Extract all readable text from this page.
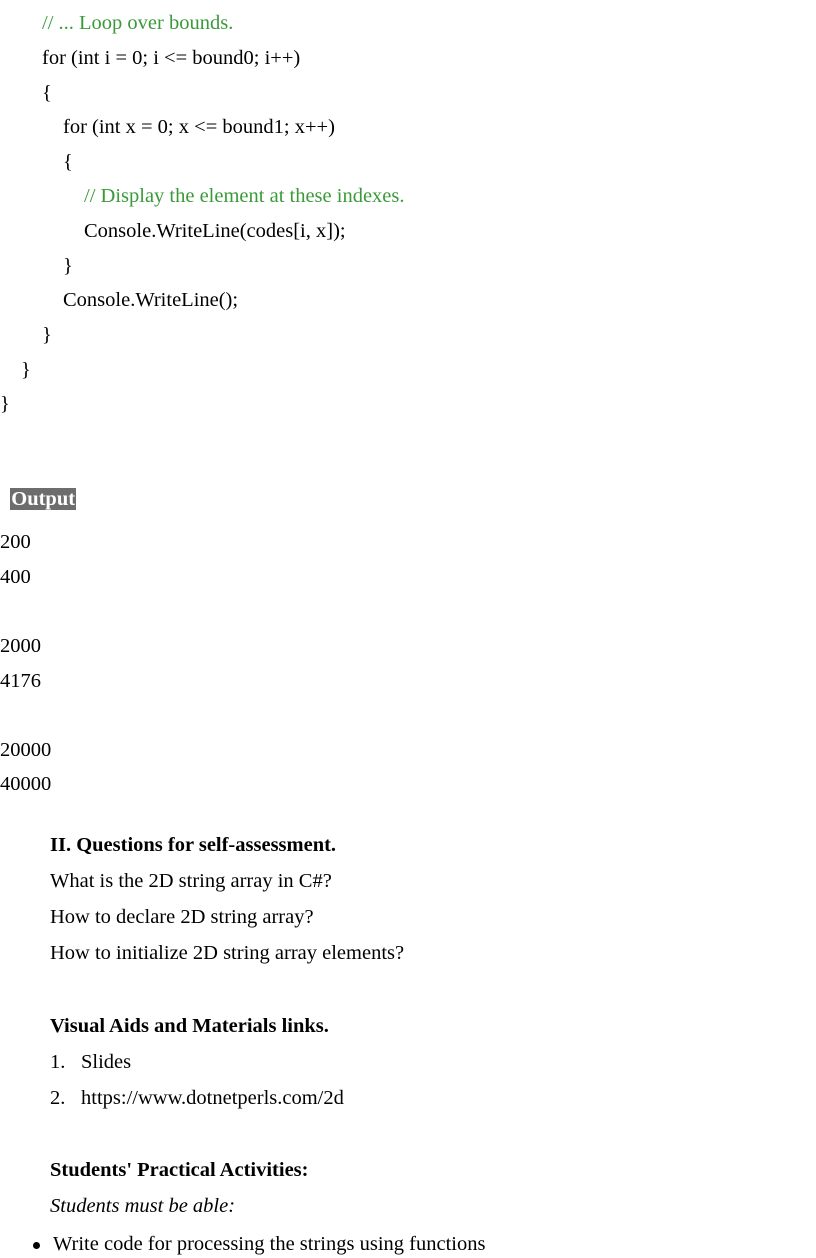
// ... Loop over bounds.
for (int i = 0; i <= bound0; i++)
{
for (int x = 0; x <= bound1; x++)
{
// Display the element at these indexes.
Console.WriteLine(codes[i, x]);
}
Console.WriteLine();
}
}
}

Output

200
400
2000
4176
20000
40000
II. Questions for self-assessment.
What is the 2D string array in C#?
How to declare 2D string array?
How to initialize 2D string array elements?
Visual Aids and Materials links.
1. Slides
2. https://www.dotnetperls.com/2d
Students' Practical Activities:
Students must be able:
Write code for processing the strings using functions
